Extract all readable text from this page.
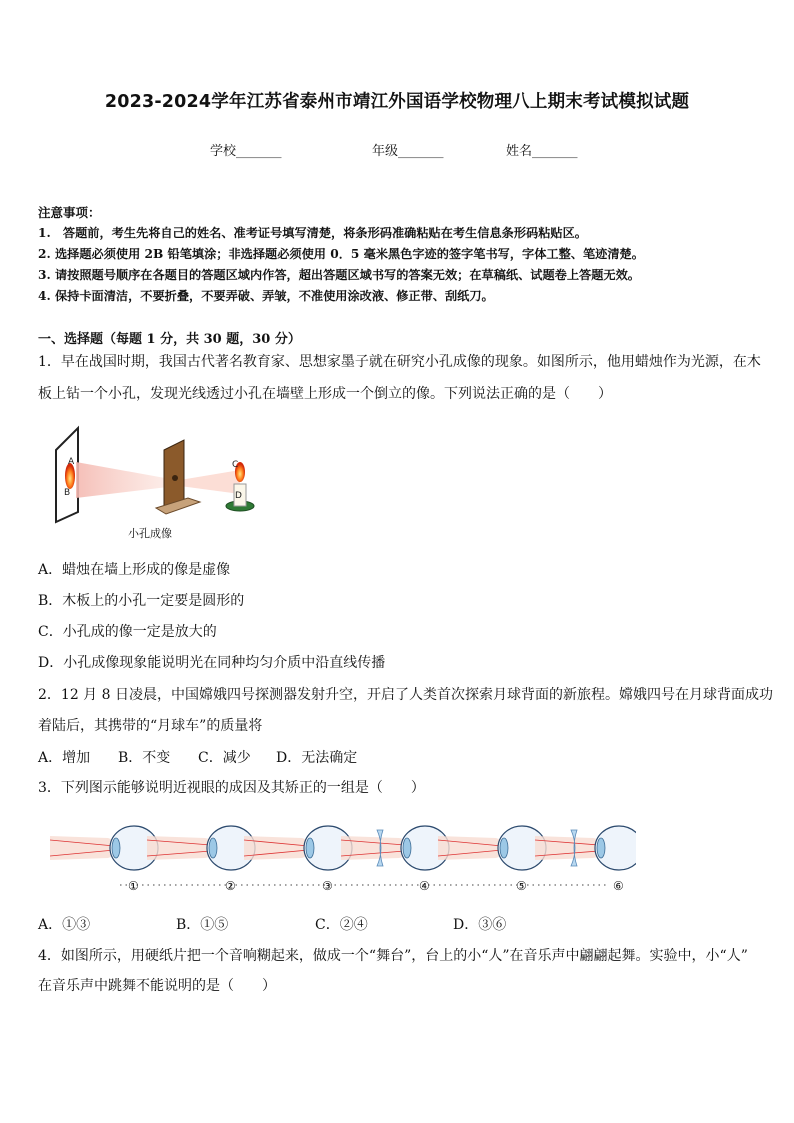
2023-2024学年江苏省泰州市靖江外国语学校物理八上期末考试模拟试题
学校_______	年级_______	姓名_______
注意事项：
1.　答题前，考生先将自己的姓名、准考证号填写清楚，将条形码准确粘贴在考生信息条形码粘贴区。
2. 选择题必须使用 2B 铅笔填涂；非选择题必须使用 0．5 毫米黑色字迹的签字笔书写，字体工整、笔迹清楚。
3. 请按照题号顺序在各题目的答题区域内作答，超出答题区域书写的答案无效；在草稿纸、试题卷上答题无效。
4. 保持卡面清洁，不要折叠，不要弄破、弄皱，不准使用涂改液、修正带、刮纸刀。
一、选择题（每题 1 分，共 30 题，30 分）
1．早在战国时期，我国古代著名教育家、思想家墨子就在研究小孔成像的现象。如图所示，他用蜡烛作为光源，在木
板上钻一个小孔，发现光线透过小孔在墙壁上形成一个倒立的像。下列说法正确的是（　　）
A
B
C
D
小孔成像
A．蜡烛在墙上形成的像是虚像
B．木板上的小孔一定要是圆形的
C．小孔成的像一定是放大的
D．小孔成像现象能说明光在同种均匀介质中沿直线传播
2．12 月 8 日凌晨，中国嫦娥四号探测器发射升空，开启了人类首次探索月球背面的新旅程。嫦娥四号在月球背面成功
着陆后，其携带的“月球车”的质量将
A．增加 B．不变 C．减少 D．无法确定
3．下列图示能够说明近视眼的成因及其矫正的一组是（　　）
①	②	③	④	⑤	⑥
A．①③	B．①⑤	C．②④	D．③⑥
4．如图所示，用硬纸片把一个音响糊起来，做成一个“舞台”，台上的小“人”在音乐声中翩翩起舞。实验中，小“人”
在音乐声中跳舞不能说明的是（　　）
